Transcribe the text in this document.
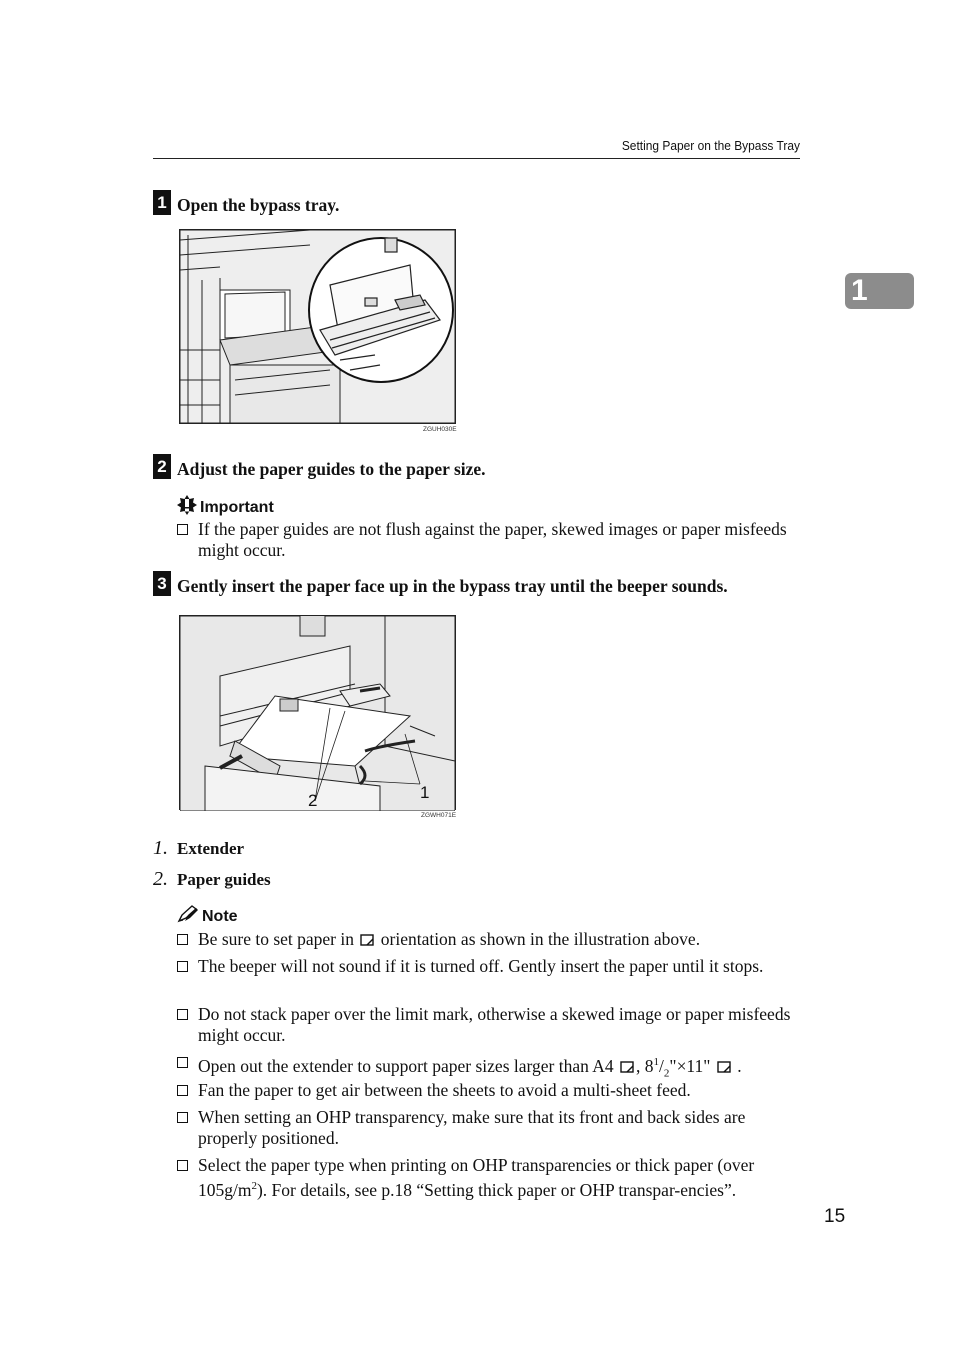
Setting Paper on the Bypass Tray
1
1 Open the bypass tray.
ZGUH030E
2 Adjust the paper guides to the paper size.
Important
If the paper guides are not flush against the paper, skewed images or paper misfeeds might occur.
3 Gently insert the paper face up in the bypass tray until the beeper sounds.
2	1
ZGWH071E
1. Extender
2. Paper guides
Note
Be sure to set paper in orientation as shown in the illustration above.
The beeper will not sound if it is turned off. Gently insert the paper until it stops.
Do not stack paper over the limit mark, otherwise a skewed image or paper misfeeds might occur.
Open out the extender to support paper sizes larger than A4 , $8^1/_2"\times 11$" .
Fan the paper to get air between the sheets to avoid a multi-sheet feed.
When setting an OHP transparency, make sure that its front and back sides are properly positioned.
Select the paper type when printing on OHP transparencies or thick paper (over $105g/m^2$). For details, see p.18 “Setting thick paper or OHP transpar-encies”.
15
